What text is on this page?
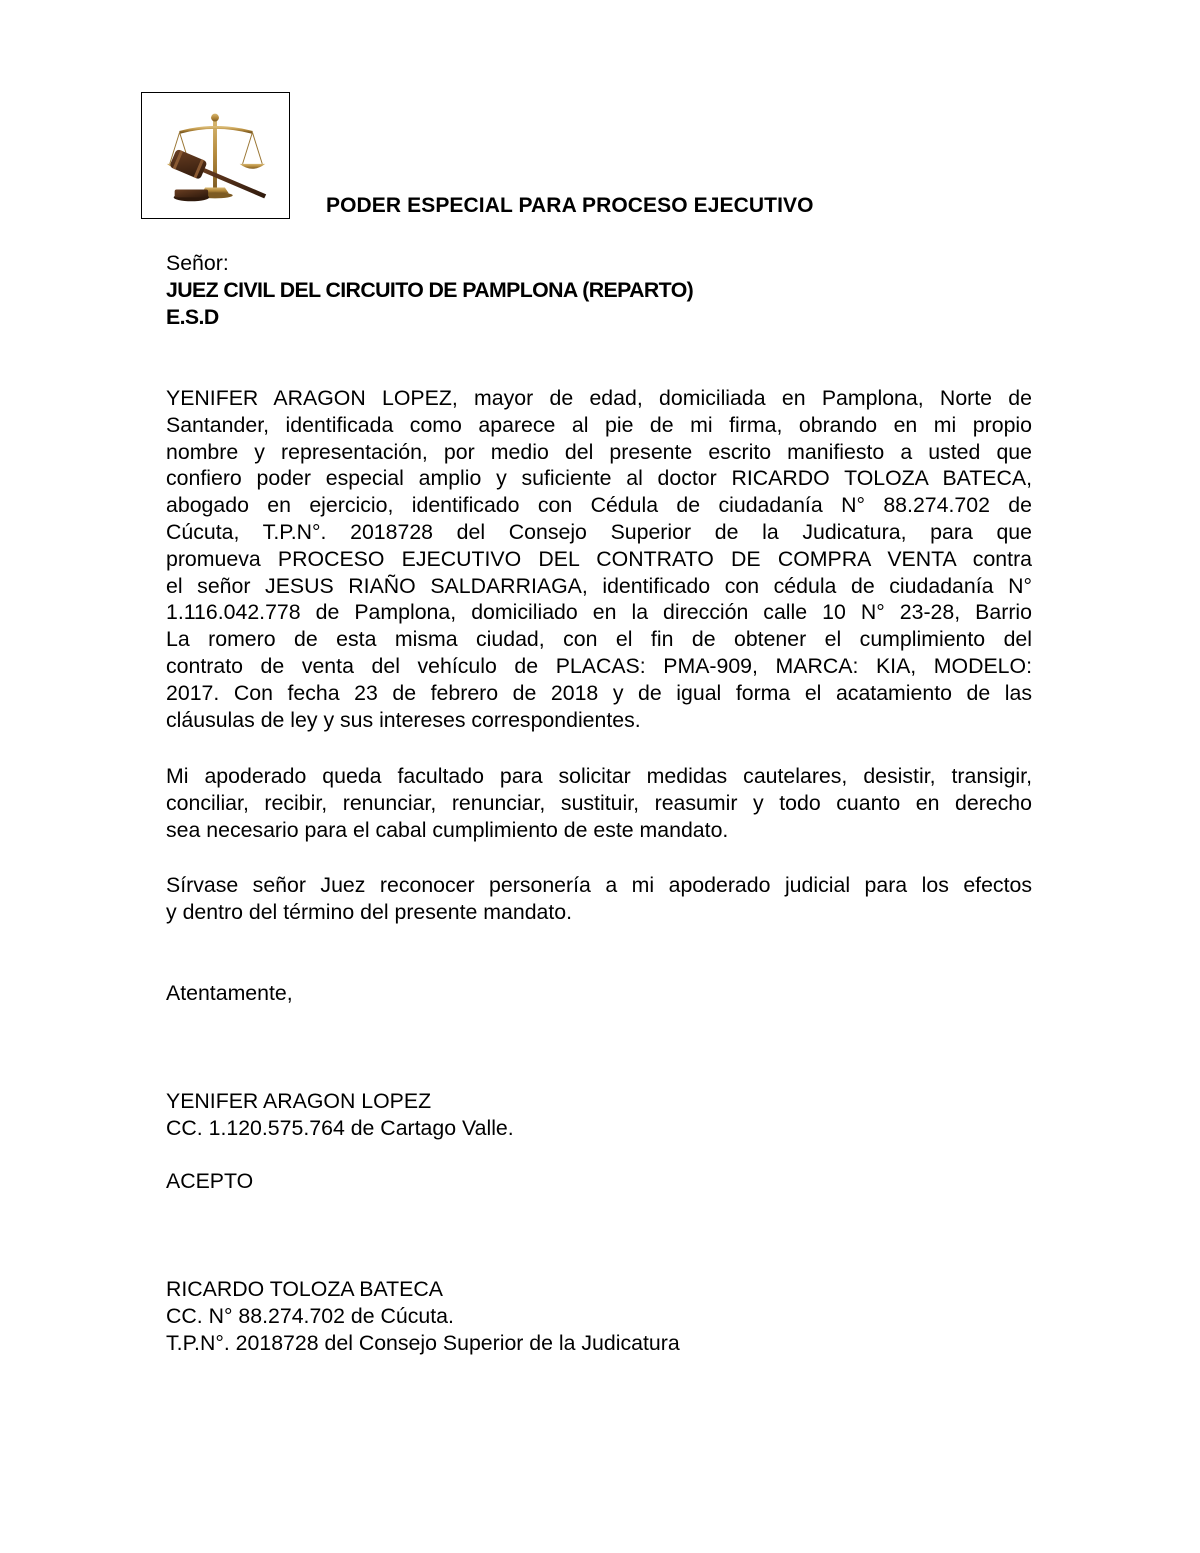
PODER ESPECIAL PARA PROCESO EJECUTIVO
Señor:
JUEZ CIVIL DEL CIRCUITO DE PAMPLONA (REPARTO)
E.S.D
YENIFER ARAGON LOPEZ, mayor de edad, domiciliada en Pamplona, Norte de
Santander, identificada como aparece al pie de mi firma, obrando en mi propio
nombre y representación, por medio del presente escrito manifiesto a usted que
confiero poder especial amplio y suficiente al doctor RICARDO TOLOZA BATECA,
abogado en ejercicio, identificado con Cédula de ciudadanía N° 88.274.702 de
Cúcuta, T.P.N°. 2018728 del Consejo Superior de la Judicatura, para que
promueva PROCESO EJECUTIVO DEL CONTRATO DE COMPRA VENTA contra
el señor JESUS RIAÑO SALDARRIAGA, identificado con cédula de ciudadanía N°
1.116.042.778 de Pamplona, domiciliado en la dirección calle 10 N° 23-28, Barrio
La romero de esta misma ciudad, con el fin de obtener el cumplimiento del
contrato de venta del vehículo de PLACAS: PMA-909, MARCA: KIA, MODELO:
2017. Con fecha 23 de febrero de 2018 y de igual forma el acatamiento de las
cláusulas de ley y sus intereses correspondientes.
Mi apoderado queda facultado para solicitar medidas cautelares, desistir, transigir,
conciliar, recibir, renunciar, renunciar, sustituir, reasumir y todo cuanto en derecho
sea necesario para el cabal cumplimiento de este mandato.
Sírvase señor Juez reconocer personería a mi apoderado judicial para los efectos
y dentro del término del presente mandato.
Atentamente,
YENIFER ARAGON LOPEZ
CC. 1.120.575.764 de Cartago Valle.
ACEPTO
RICARDO TOLOZA BATECA
CC. N° 88.274.702 de Cúcuta.
T.P.N°. 2018728 del Consejo Superior de la Judicatura
